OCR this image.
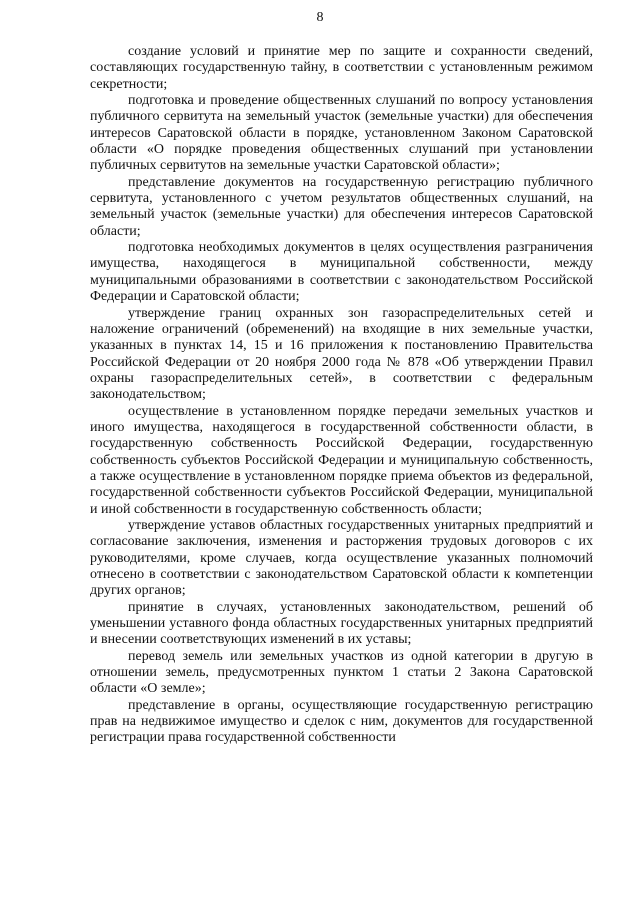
8

создание условий и принятие мер по защите и сохранности сведений, составляющих государственную тайну, в соответствии с установленным режимом секретности;

подготовка и проведение общественных слушаний по вопросу установления публичного сервитута на земельный участок (земельные участки) для обеспечения интересов Саратовской области в порядке, установленном Законом Саратовской области «О порядке проведения общественных слушаний при установлении публичных сервитутов на земельные участки Саратовской области»;

представление документов на государственную регистрацию публичного сервитута, установленного с учетом результатов общественных слушаний, на земельный участок (земельные участки) для обеспечения интересов Саратовской области;

подготовка необходимых документов в целях осуществления разграничения имущества, находящегося в муниципальной собственности, между муниципальными образованиями в соответствии с законодательством Российской Федерации и Саратовской области;

утверждение границ охранных зон газораспределительных сетей и наложение ограничений (обременений) на входящие в них земельные участки, указанных в пунктах 14, 15 и 16 приложения к постановлению Правительства Российской Федерации от 20 ноября 2000 года № 878 «Об утверждении Правил охраны газораспределительных сетей», в соответствии с федеральным законодательством;

осуществление в установленном порядке передачи земельных участков и иного имущества, находящегося в государственной собственности области, в государственную собственность Российской Федерации, государственную собственность субъектов Российской Федерации и муниципальную собственность, а также осуществление в установленном порядке приема объектов из федеральной, государственной собственности субъектов Российской Федерации, муниципальной и иной собственности в государственную собственность области;

утверждение уставов областных государственных унитарных предприятий и согласование заключения, изменения и расторжения трудовых договоров с их руководителями, кроме случаев, когда осуществление указанных полномочий отнесено в соответствии с законодательством Саратовской области к компетенции других органов;

принятие в случаях, установленных законодательством, решений об уменьшении уставного фонда областных государственных унитарных предприятий и внесении соответствующих изменений в их уставы;

перевод земель или земельных участков из одной категории в другую в отношении земель, предусмотренных пунктом 1 статьи 2 Закона Саратовской области «О земле»;

представление в органы, осуществляющие государственную регистрацию прав на недвижимое имущество и сделок с ним, документов для государственной регистрации права государственной собственности
